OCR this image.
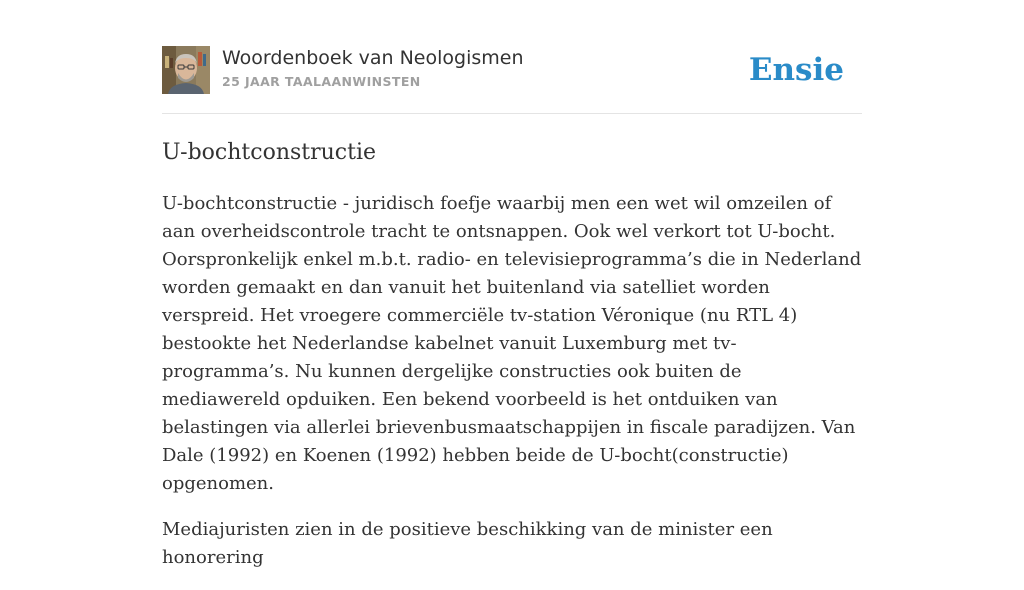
Woordenboek van Neologismen
25 JAAR TAALAANWINSTEN	Ensie
U-bochtconstructie

U-bochtconstructie - juridisch foefje waarbij men een wet wil omzeilen of aan overheidscontrole tracht te ontsnappen. Ook wel verkort tot U-bocht. Oorspronkelijk enkel m.b.t. radio- en televisieprogramma’s die in Nederland worden gemaakt en dan vanuit het buitenland via satelliet worden verspreid. Het vroegere commerciële tv-station Véronique (nu RTL 4) bestookte het Nederlandse kabelnet vanuit Luxemburg met tv-programma’s. Nu kunnen dergelijke constructies ook buiten de mediawereld opduiken. Een bekend voorbeeld is het ontduiken van belastingen via allerlei brievenbusmaatschappijen in fiscale paradijzen. Van Dale (1992) en Koenen (1992) hebben beide de U-bocht(constructie) opgenomen.

Mediajuristen zien in de positieve beschikking van de minister een honorering
